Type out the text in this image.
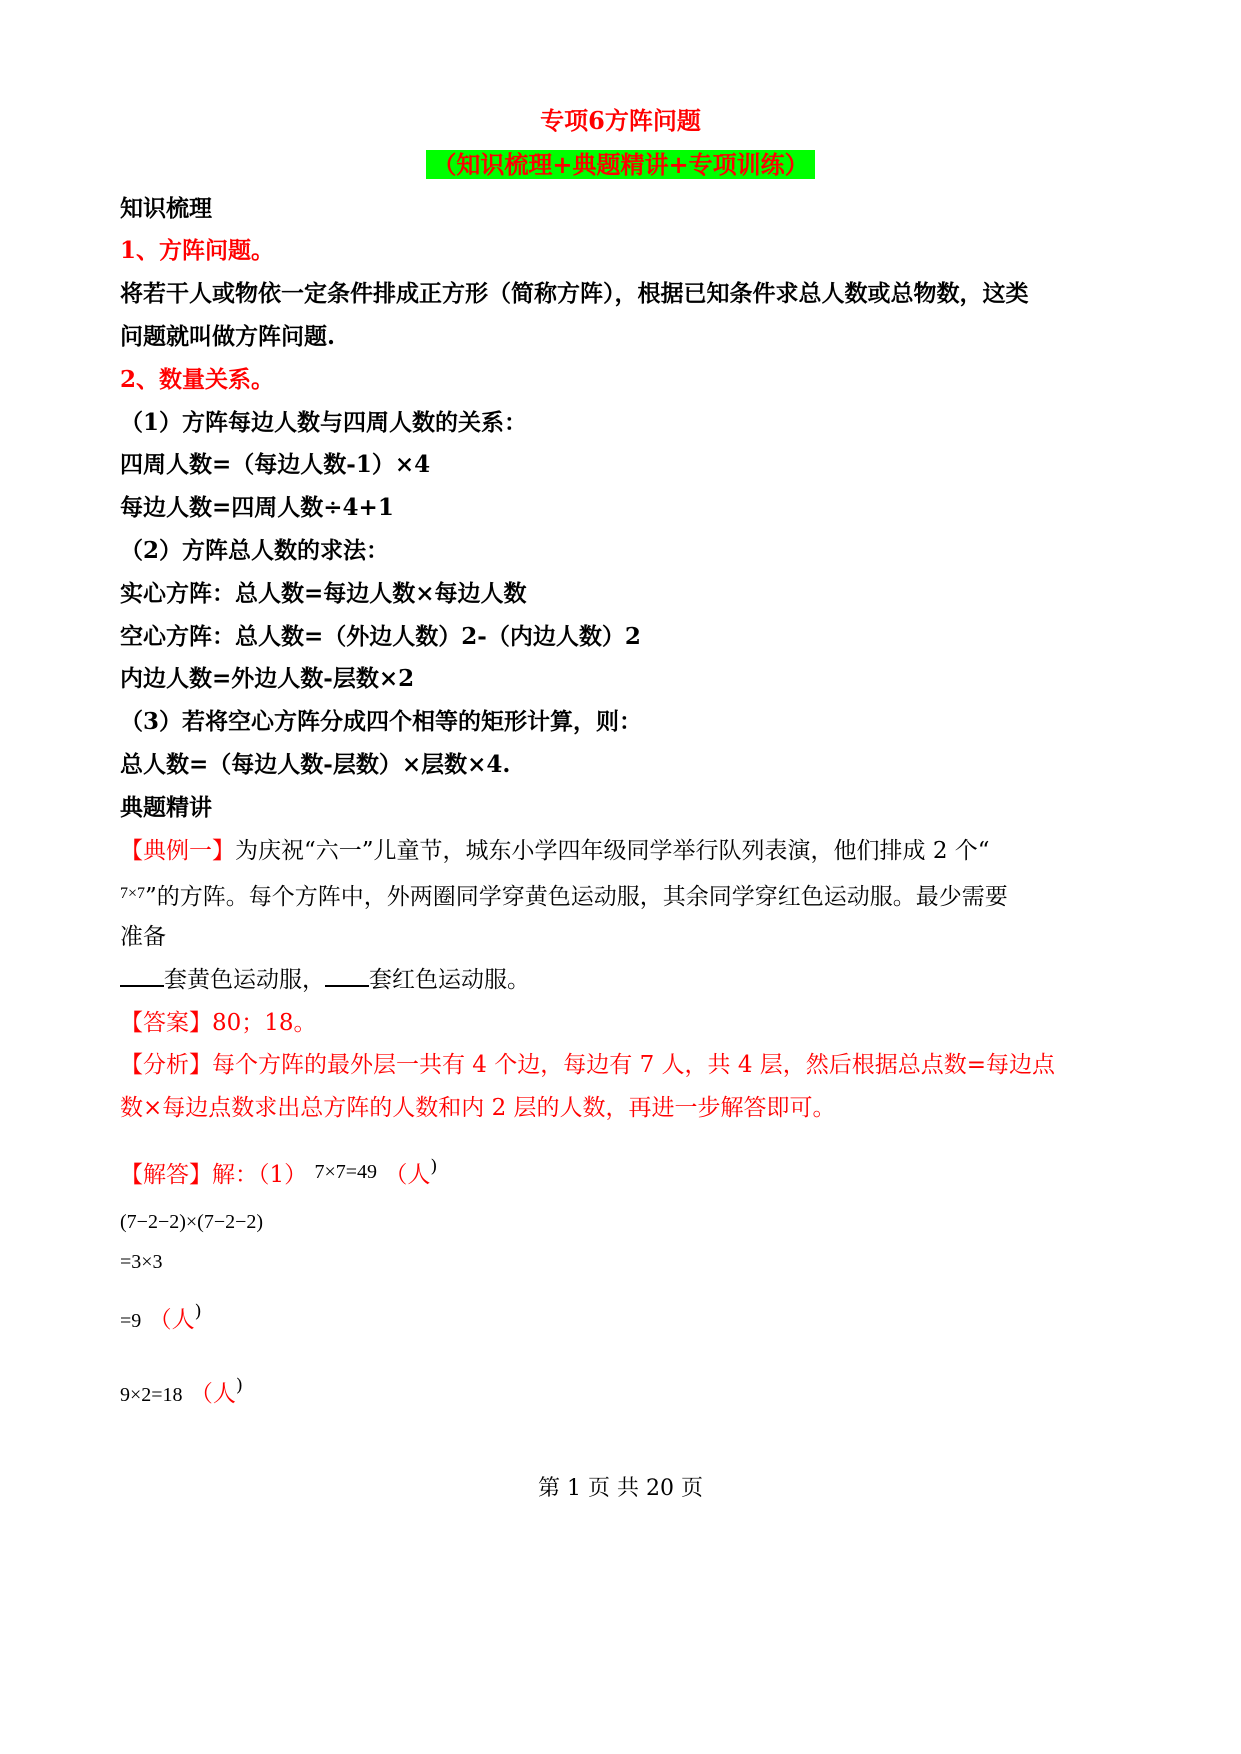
专项6方阵问题
（知识梳理+典题精讲+专项训练）
知识梳理
1、方阵问题。
将若干人或物依一定条件排成正方形（简称方阵），根据已知条件求总人数或总物数，这类
问题就叫做方阵问题.
2、数量关系。
（1）方阵每边人数与四周人数的关系：
四周人数=（每边人数-1）×4
每边人数=四周人数÷4+1
（2）方阵总人数的求法：
实心方阵：总人数=每边人数×每边人数
空心方阵：总人数=（外边人数）2-（内边人数）2
内边人数=外边人数-层数×2
（3）若将空心方阵分成四个相等的矩形计算，则：
总人数=（每边人数-层数）×层数×4.
典题精讲
【典例一】为庆祝“六一”儿童节，城东小学四年级同学举行队列表演，他们排成 2 个“
$^{7\times 7}$”的方阵。每个方阵中，外两圈同学穿黄色运动服，其余同学穿红色运动服。最少需要
准备
套黄色运动服， 套红色运动服。
【答案】80；18。
【分析】每个方阵的最外层一共有 4 个边，每边有 7 人，共 4 层，然后根据总点数=每边点
数×每边点数求出总方阵的人数和内 2 层的人数，再进一步解答即可。
【解答】解：（1） 7×7=49 （人)
(7−2−2)×(7−2−2)
=3×3
=9 （人)
9×2=18 （人)
第 1 页 共 20 页
